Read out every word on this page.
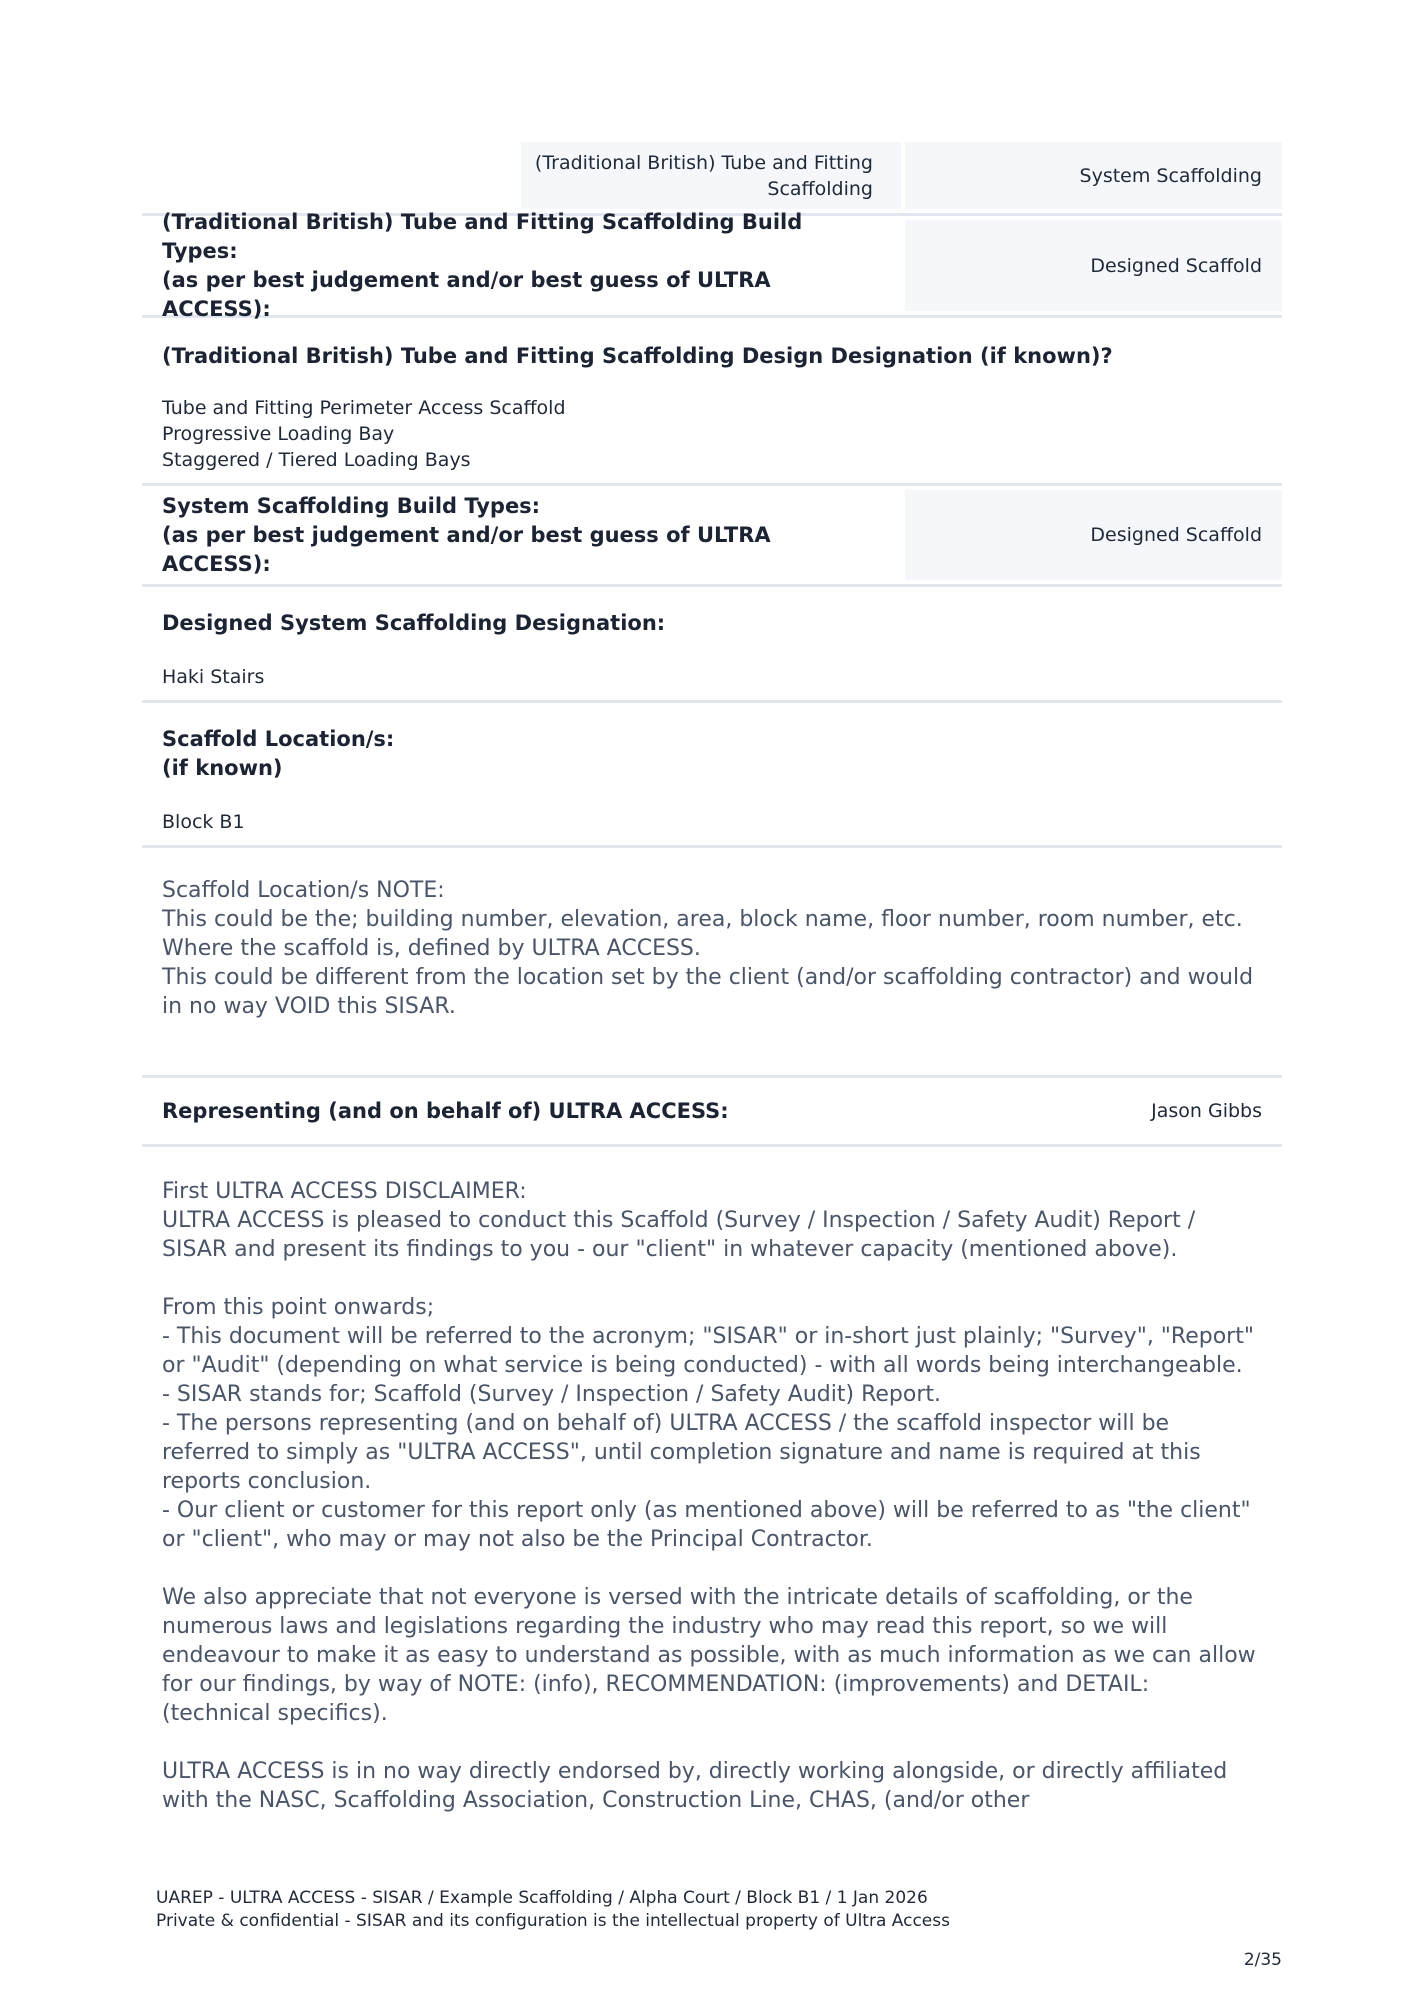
(Traditional British) Tube and Fitting Scaffolding
System Scaffolding
(Traditional British) Tube and Fitting Scaffolding Build Types:
(as per best judgement and/or best guess of ULTRA ACCESS):
Designed Scaffold
(Traditional British) Tube and Fitting Scaffolding Design Designation (if known)?
Tube and Fitting Perimeter Access Scaffold
Progressive Loading Bay
Staggered / Tiered Loading Bays
System Scaffolding Build Types:
(as per best judgement and/or best guess of ULTRA ACCESS):
Designed Scaffold
Designed System Scaffolding Designation:
Haki Stairs
Scaffold Location/s:
(if known)
Block B1
Scaffold Location/s NOTE:
This could be the; building number, elevation, area, block name, floor number, room number, etc.
Where the scaffold is, defined by ULTRA ACCESS.
This could be different from the location set by the client (and/or scaffolding contractor) and would in no way VOID this SISAR.
Representing (and on behalf of) ULTRA ACCESS:	Jason Gibbs
First ULTRA ACCESS DISCLAIMER:
ULTRA ACCESS is pleased to conduct this Scaffold (Survey / Inspection / Safety Audit) Report / SISAR and present its findings to you - our "client" in whatever capacity (mentioned above).
From this point onwards;
- This document will be referred to the acronym; "SISAR" or in-short just plainly; "Survey", "Report" or "Audit" (depending on what service is being conducted) - with all words being interchangeable.
- SISAR stands for; Scaffold (Survey / Inspection / Safety Audit) Report.
- The persons representing (and on behalf of) ULTRA ACCESS / the scaffold inspector will be referred to simply as "ULTRA ACCESS", until completion signature and name is required at this reports conclusion.
- Our client or customer for this report only (as mentioned above) will be referred to as "the client" or "client", who may or may not also be the Principal Contractor.
We also appreciate that not everyone is versed with the intricate details of scaffolding, or the numerous laws and legislations regarding the industry who may read this report, so we will endeavour to make it as easy to understand as possible, with as much information as we can allow for our findings, by way of NOTE: (info), RECOMMENDATION: (improvements) and DETAIL: (technical specifics).
ULTRA ACCESS is in no way directly endorsed by, directly working alongside, or directly affiliated with the NASC, Scaffolding Association, Construction Line, CHAS, (and/or other
UAREP - ULTRA ACCESS - SISAR / Example Scaffolding / Alpha Court / Block B1 / 1 Jan 2026
Private & confidential - SISAR and its configuration is the intellectual property of Ultra Access
2/35
